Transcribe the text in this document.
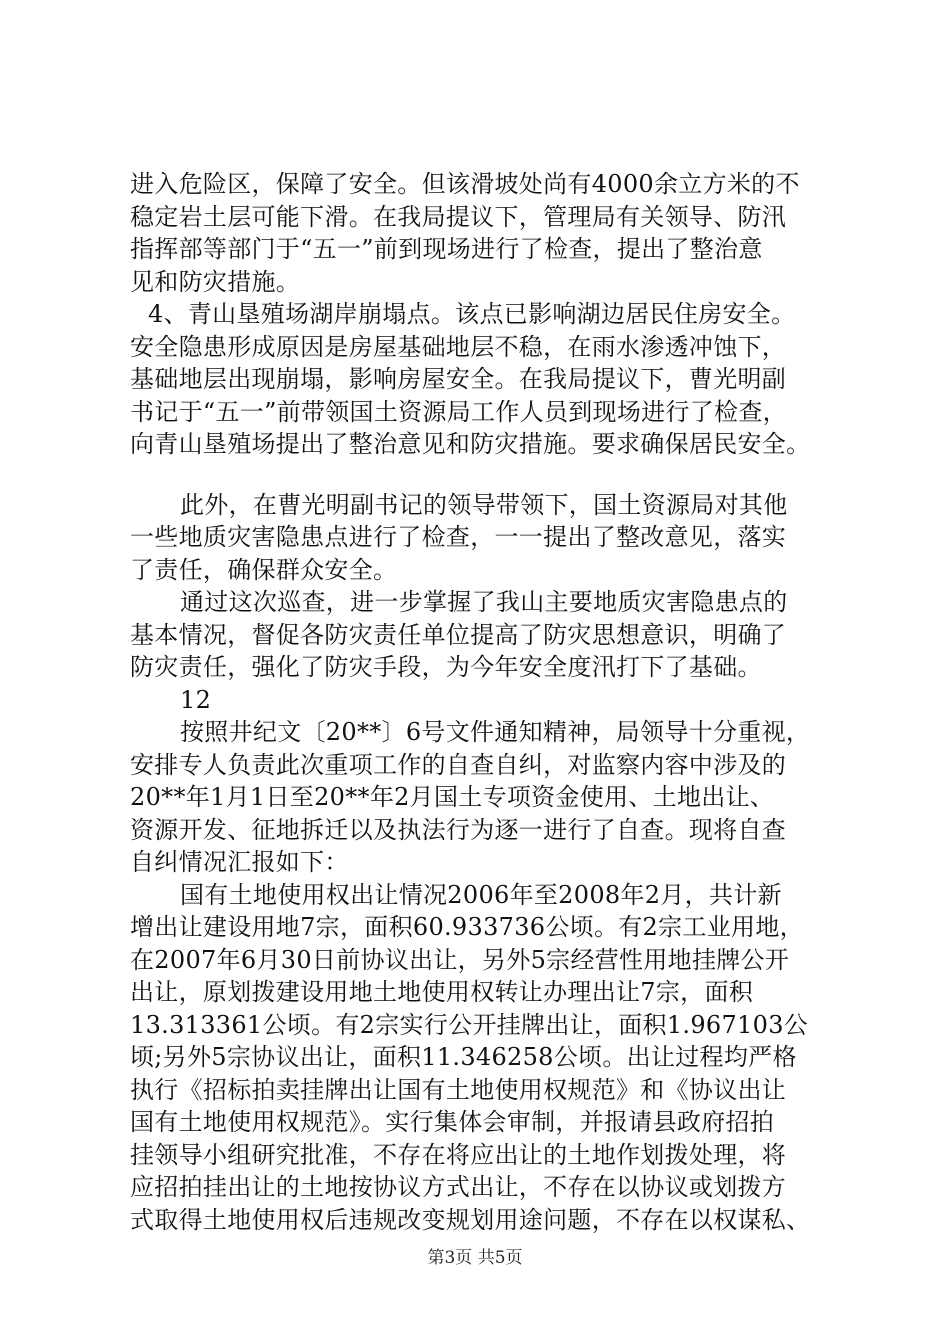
进入危险区，保障了安全。但该滑坡处尚有4000余立方米的不
稳定岩土层可能下滑。在我局提议下，管理局有关领导、防汛
指挥部等部门于“五一”前到现场进行了检查，提出了整治意
见和防灾措施。
4、青山垦殖场湖岸崩塌点。该点已影响湖边居民住房安全。
安全隐患形成原因是房屋基础地层不稳，在雨水渗透冲蚀下，
基础地层出现崩塌，影响房屋安全。在我局提议下，曹光明副
书记于“五一”前带领国土资源局工作人员到现场进行了检查，
向青山垦殖场提出了整治意见和防灾措施。要求确保居民安全。
此外，在曹光明副书记的领导带领下，国土资源局对其他
一些地质灾害隐患点进行了检查，一一提出了整改意见，落实
了责任，确保群众安全。
通过这次巡查，进一步掌握了我山主要地质灾害隐患点的
基本情况，督促各防灾责任单位提高了防灾思想意识，明确了
防灾责任，强化了防灾手段，为今年安全度汛打下了基础。
12
按照井纪文〔20**〕6号文件通知精神，局领导十分重视，
安排专人负责此次重项工作的自查自纠，对监察内容中涉及的
20**年1月1日至20**年2月国土专项资金使用、土地出让、
资源开发、征地拆迁以及执法行为逐一进行了自查。现将自查
自纠情况汇报如下：
国有土地使用权出让情况2006年至2008年2月，共计新
增出让建设用地7宗，面积60.933736公顷。有2宗工业用地，
在2007年6月30日前协议出让，另外5宗经营性用地挂牌公开
出让，原划拨建设用地土地使用权转让办理出让7宗，面积
13.313361公顷。有2宗实行公开挂牌出让，面积1.967103公
顷;另外5宗协议出让，面积11.346258公顷。出让过程均严格
执行《招标拍卖挂牌出让国有土地使用权规范》和《协议出让
国有土地使用权规范》。实行集体会审制，并报请县政府招拍
挂领导小组研究批准，不存在将应出让的土地作划拨处理，将
应招拍挂出让的土地按协议方式出让，不存在以协议或划拨方
式取得土地使用权后违规改变规划用途问题，不存在以权谋私、
第3页 共5页
